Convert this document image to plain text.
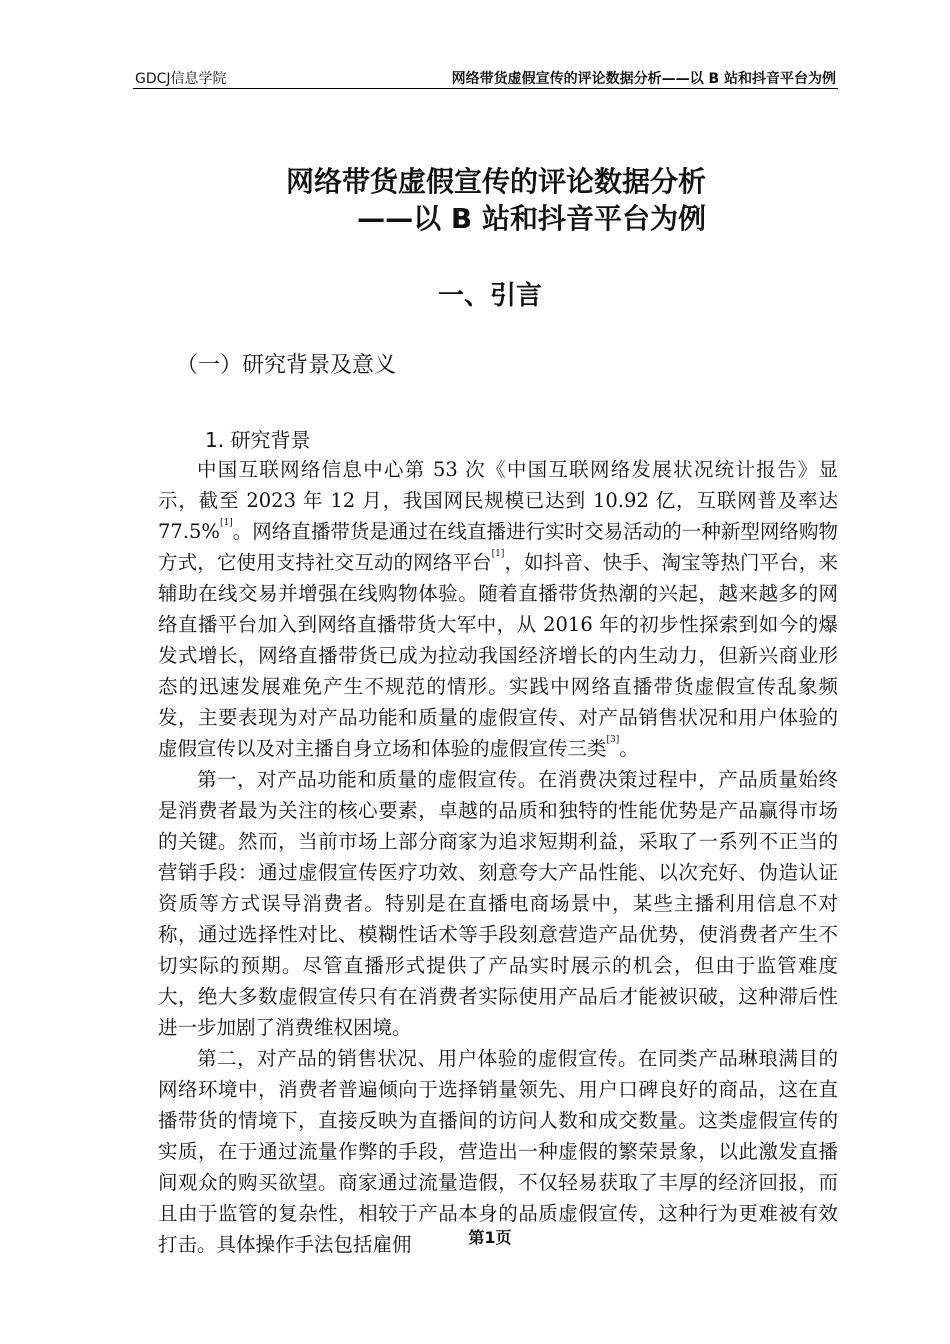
GDCJ信息学院	网络带货虚假宣传的评论数据分析——以 B 站和抖音平台为例
网络带货虚假宣传的评论数据分析
——以 B 站和抖音平台为例
一、引言
（一）研究背景及意义
1. 研究背景

中国互联网络信息中心第 53 次《中国互联网络发展状况统计报告》显示，截至 2023 年 12 月，我国网民规模已达到 10.92 亿，互联网普及率达 77.5%[1]。网络直播带货是通过在线直播进行实时交易活动的一种新型网络购物方式，它使用支持社交互动的网络平台[1]，如抖音、快手、淘宝等热门平台，来辅助在线交易并增强在线购物体验。随着直播带货热潮的兴起，越来越多的网络直播平台加入到网络直播带货大军中，从 2016 年的初步性探索到如今的爆发式增长，网络直播带货已成为拉动我国经济增长的内生动力，但新兴商业形态的迅速发展难免产生不规范的情形。实践中网络直播带货虚假宣传乱象频发，主要表现为对产品功能和质量的虚假宣传、对产品销售状况和用户体验的虚假宣传以及对主播自身立场和体验的虚假宣传三类[3]。

第一，对产品功能和质量的虚假宣传。在消费决策过程中，产品质量始终是消费者最为关注的核心要素，卓越的品质和独特的性能优势是产品赢得市场的关键。然而，当前市场上部分商家为追求短期利益，采取了一系列不正当的营销手段：通过虚假宣传医疗功效、刻意夸大产品性能、以次充好、伪造认证资质等方式误导消费者。特别是在直播电商场景中，某些主播利用信息不对称，通过选择性对比、模糊性话术等手段刻意营造产品优势，使消费者产生不切实际的预期。尽管直播形式提供了产品实时展示的机会，但由于监管难度大，绝大多数虚假宣传只有在消费者实际使用产品后才能被识破，这种滞后性进一步加剧了消费维权困境。

第二，对产品的销售状况、用户体验的虚假宣传。在同类产品琳琅满目的网络环境中，消费者普遍倾向于选择销量领先、用户口碑良好的商品，这在直播带货的情境下，直接反映为直播间的访问人数和成交数量。这类虚假宣传的实质，在于通过流量作弊的手段，营造出一种虚假的繁荣景象，以此激发直播间观众的购买欲望。商家通过流量造假，不仅轻易获取了丰厚的经济回报，而且由于监管的复杂性，相较于产品本身的品质虚假宣传，这种行为更难被有效打击。具体操作手法包括雇佣	第1页
